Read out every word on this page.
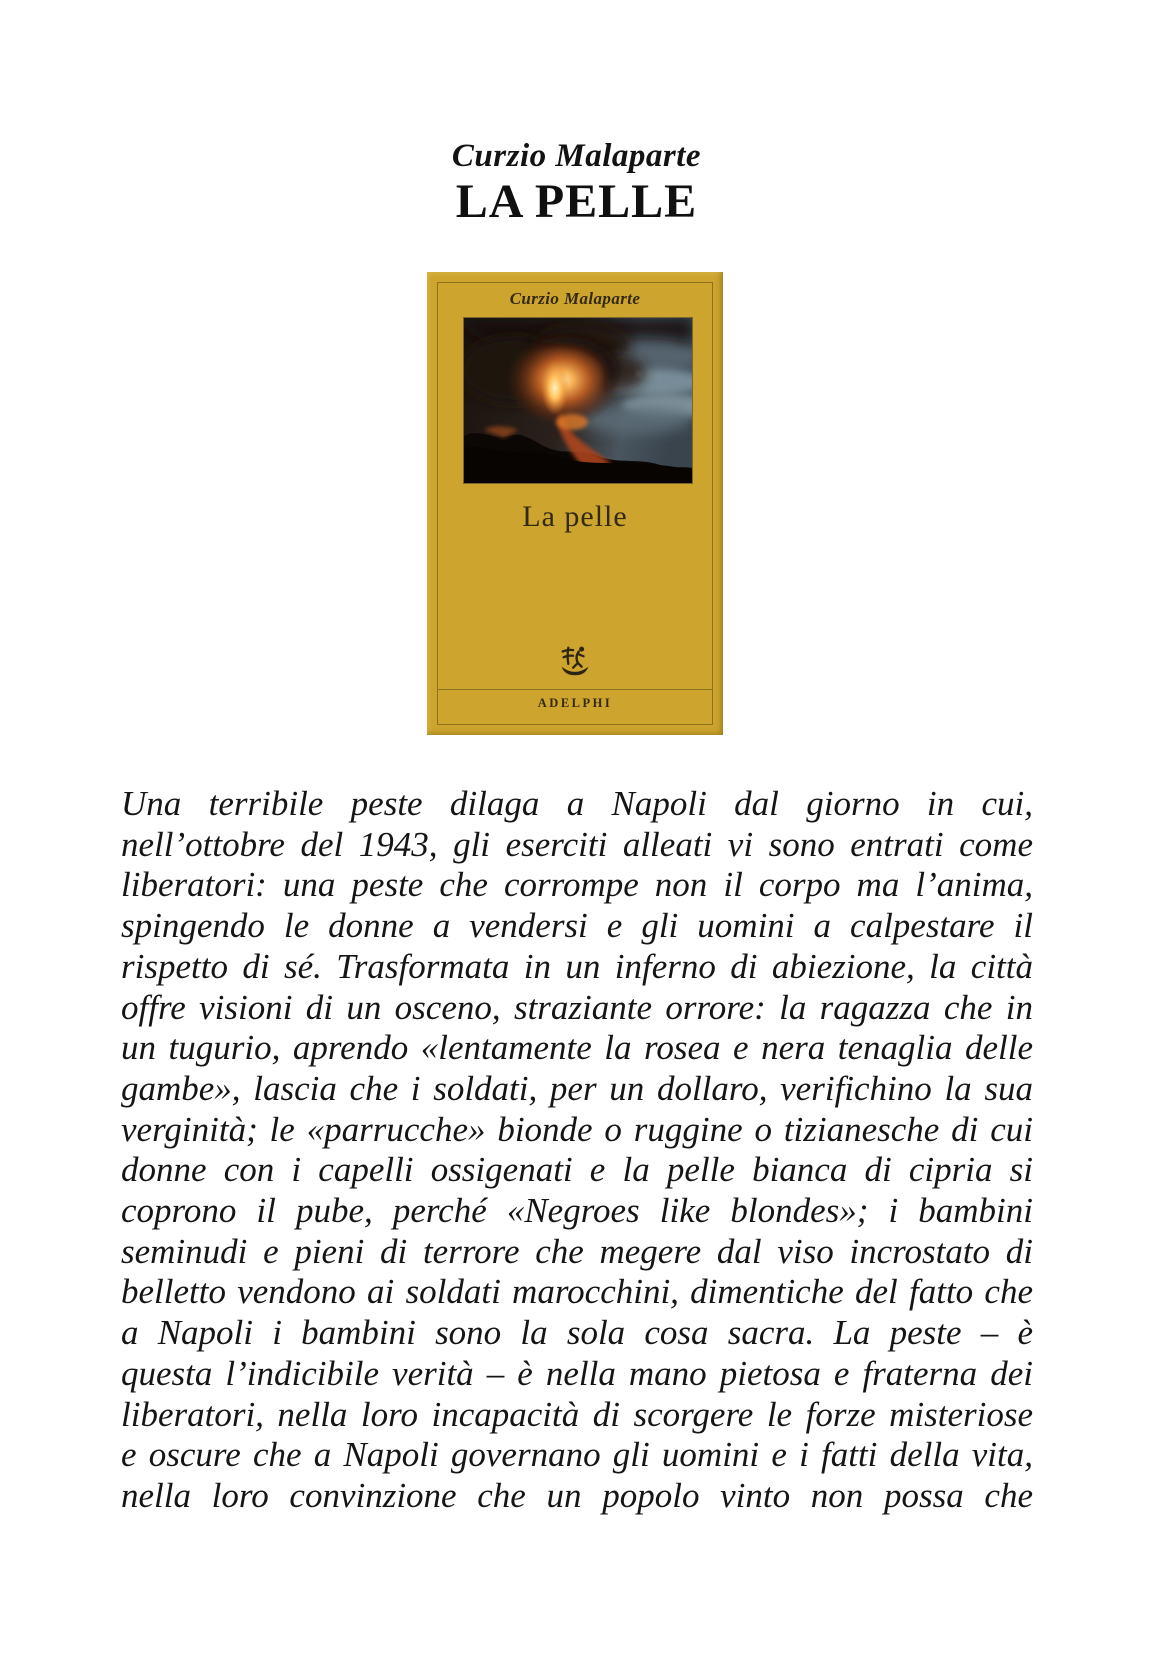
Curzio Malaparte
LA PELLE
Curzio Malaparte
La pelle
ADELPHI

Una terribile peste dilaga a Napoli dal giorno in cui, nell’ottobre del 1943, gli eserciti alleati vi sono entrati come liberatori: una peste che corrompe non il corpo ma l’anima, spingendo le donne a vendersi e gli uomini a calpestare il rispetto di sé. Trasformata in un inferno di abiezione, la città offre visioni di un osceno, straziante orrore: la ragazza che in un tugurio, aprendo «lentamente la rosea e nera tenaglia delle gambe», lascia che i soldati, per un dollaro, verifichino la sua verginità; le «parrucche» bionde o ruggine o tizianesche di cui donne con i capelli ossigenati e la pelle bianca di cipria si coprono il pube, perché «Negroes like blondes»; i bambini seminudi e pieni di terrore che megere dal viso incrostato di belletto vendono ai soldati marocchini, dimentiche del fatto che a Napoli i bambini sono la sola cosa sacra. La peste – è questa l’indicibile verità – è nella mano pietosa e fraterna dei liberatori, nella loro incapacità di scorgere le forze misteriose e oscure che a Napoli governano gli uomini e i fatti della vita, nella loro convinzione che un popolo vinto non possa che
